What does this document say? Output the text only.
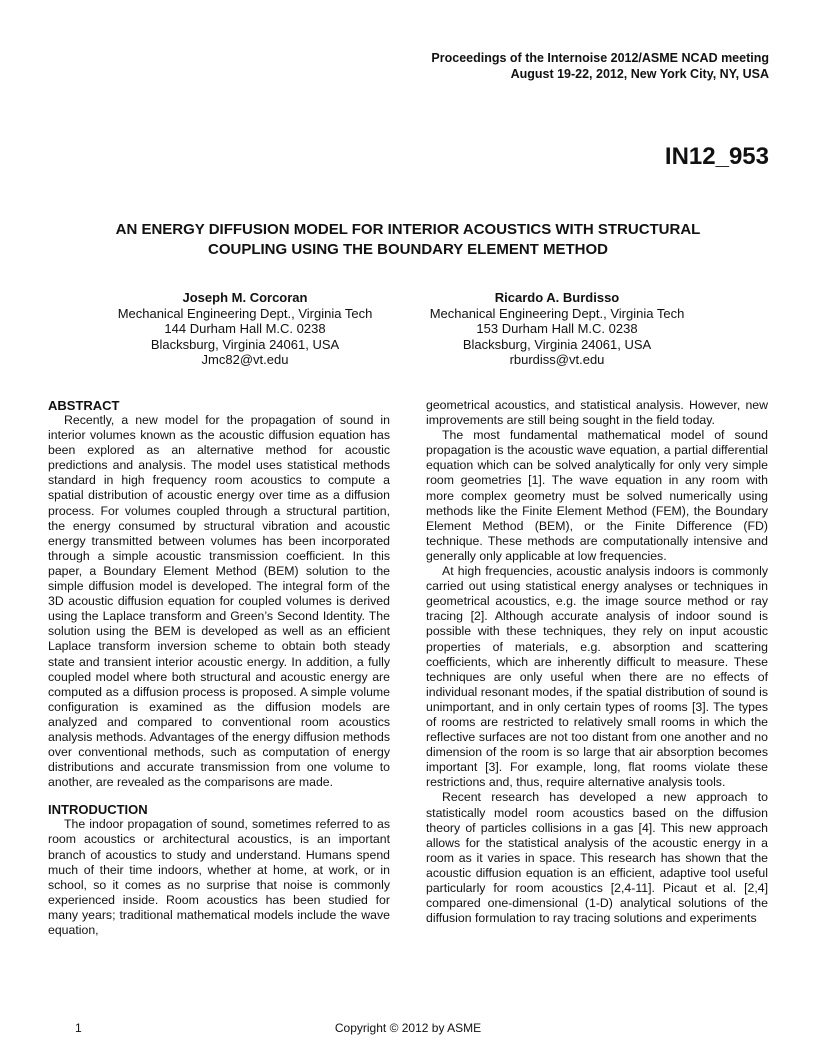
Proceedings of the Internoise 2012/ASME NCAD meeting
August 19-22, 2012, New York City, NY, USA
IN12_953
AN ENERGY DIFFUSION MODEL FOR INTERIOR ACOUSTICS WITH STRUCTURAL
COUPLING USING THE BOUNDARY ELEMENT METHOD
Joseph M. Corcoran
Mechanical Engineering Dept., Virginia Tech
144 Durham Hall M.C. 0238
Blacksburg, Virginia 24061, USA
Jmc82@vt.edu
Ricardo A. Burdisso
Mechanical Engineering Dept., Virginia Tech
153 Durham Hall M.C. 0238
Blacksburg, Virginia 24061, USA
rburdiss@vt.edu
ABSTRACT

Recently, a new model for the propagation of sound in interior volumes known as the acoustic diffusion equation has been explored as an alternative method for acoustic predictions and analysis. The model uses statistical methods standard in high frequency room acoustics to compute a spatial distribution of acoustic energy over time as a diffusion process. For volumes coupled through a structural partition, the energy consumed by structural vibration and acoustic energy transmitted between volumes has been incorporated through a simple acoustic transmission coefficient. In this paper, a Boundary Element Method (BEM) solution to the simple diffusion model is developed. The integral form of the 3D acoustic diffusion equation for coupled volumes is derived using the Laplace transform and Green’s Second Identity. The solution using the BEM is developed as well as an efficient Laplace transform inversion scheme to obtain both steady state and transient interior acoustic energy. In addition, a fully coupled model where both structural and acoustic energy are computed as a diffusion process is proposed. A simple volume configuration is examined as the diffusion models are analyzed and compared to conventional room acoustics analysis methods. Advantages of the energy diffusion methods over conventional methods, such as computation of energy distributions and accurate transmission from one volume to another, are revealed as the comparisons are made.

INTRODUCTION

The indoor propagation of sound, sometimes referred to as room acoustics or architectural acoustics, is an important branch of acoustics to study and understand. Humans spend much of their time indoors, whether at home, at work, or in school, so it comes as no surprise that noise is commonly experienced inside. Room acoustics has been studied for many years; traditional mathematical models include the wave equation,

geometrical acoustics, and statistical analysis. However, new improvements are still being sought in the field today.

The most fundamental mathematical model of sound propagation is the acoustic wave equation, a partial differential equation which can be solved analytically for only very simple room geometries [1]. The wave equation in any room with more complex geometry must be solved numerically using methods like the Finite Element Method (FEM), the Boundary Element Method (BEM), or the Finite Difference (FD) technique. These methods are computationally intensive and generally only applicable at low frequencies.

At high frequencies, acoustic analysis indoors is commonly carried out using statistical energy analyses or techniques in geometrical acoustics, e.g. the image source method or ray tracing [2]. Although accurate analysis of indoor sound is possible with these techniques, they rely on input acoustic properties of materials, e.g. absorption and scattering coefficients, which are inherently difficult to measure. These techniques are only useful when there are no effects of individual resonant modes, if the spatial distribution of sound is unimportant, and in only certain types of rooms [3]. The types of rooms are restricted to relatively small rooms in which the reflective surfaces are not too distant from one another and no dimension of the room is so large that air absorption becomes important [3]. For example, long, flat rooms violate these restrictions and, thus, require alternative analysis tools.

Recent research has developed a new approach to statistically model room acoustics based on the diffusion theory of particles collisions in a gas [4]. This new approach allows for the statistical analysis of the acoustic energy in a room as it varies in space. This research has shown that the acoustic diffusion equation is an efficient, adaptive tool useful particularly for room acoustics [2,4-11]. Picaut et al. [2,4] compared one-dimensional (1-D) analytical solutions of the diffusion formulation to ray tracing solutions and experiments

1	Copyright © 2012 by ASME
